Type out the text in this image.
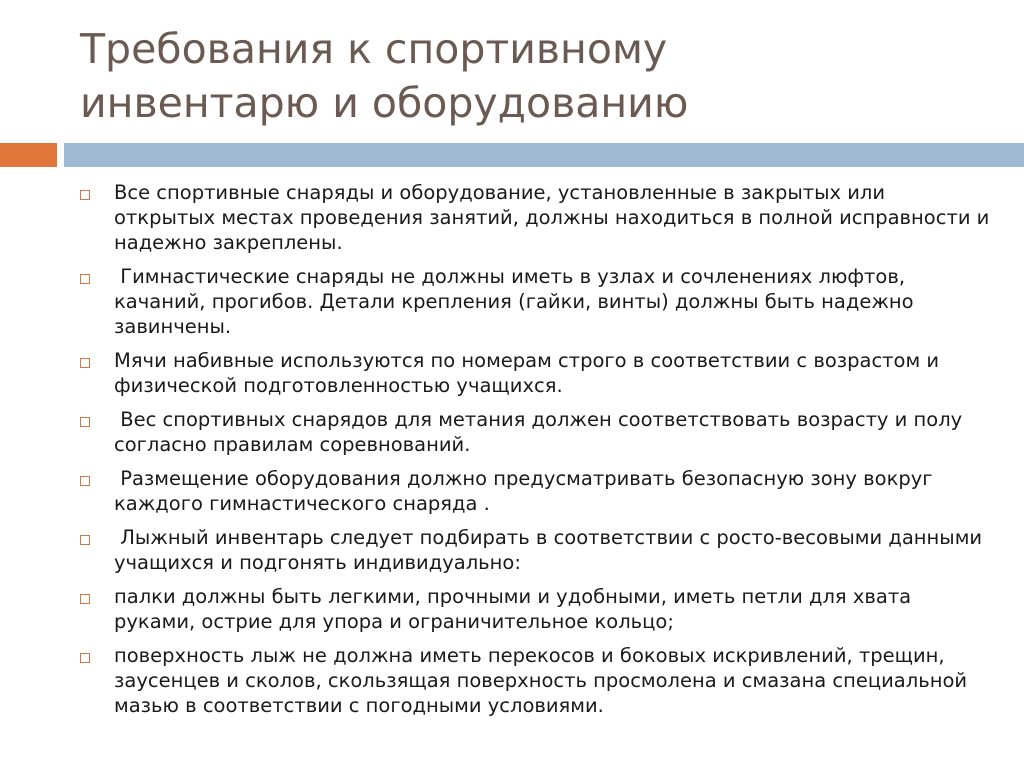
Требования к спортивному
инвентарю и оборудованию
Все спортивные снаряды и оборудование, установленные в закрытых или открытых местах проведения занятий, должны находиться в полной исправности и надежно закреплены.
Гимнастические снаряды не должны иметь в узлах и сочленениях люфтов, качаний, прогибов. Детали крепления (гайки, винты) должны быть надежно завинчены.
Мячи набивные используются по номерам строго в соответствии с возрастом и физической подготовленностью учащихся.
Вес спортивных снарядов для метания должен соответствовать возрасту и полу согласно правилам соревнований.
Размещение оборудования должно предусматривать безопасную зону вокруг каждого гимнастического снаряда .
Лыжный инвентарь следует подбирать в соответствии с росто-весовыми данными учащихся и подгонять индивидуально:
палки должны быть легкими, прочными и удобными, иметь петли для хвата руками, острие для упора и ограничительное кольцо;
поверхность лыж не должна иметь перекосов и боковых искривлений, трещин, заусенцев и сколов, скользящая поверхность просмолена и смазана специальной мазью в соответствии с погодными условиями.
